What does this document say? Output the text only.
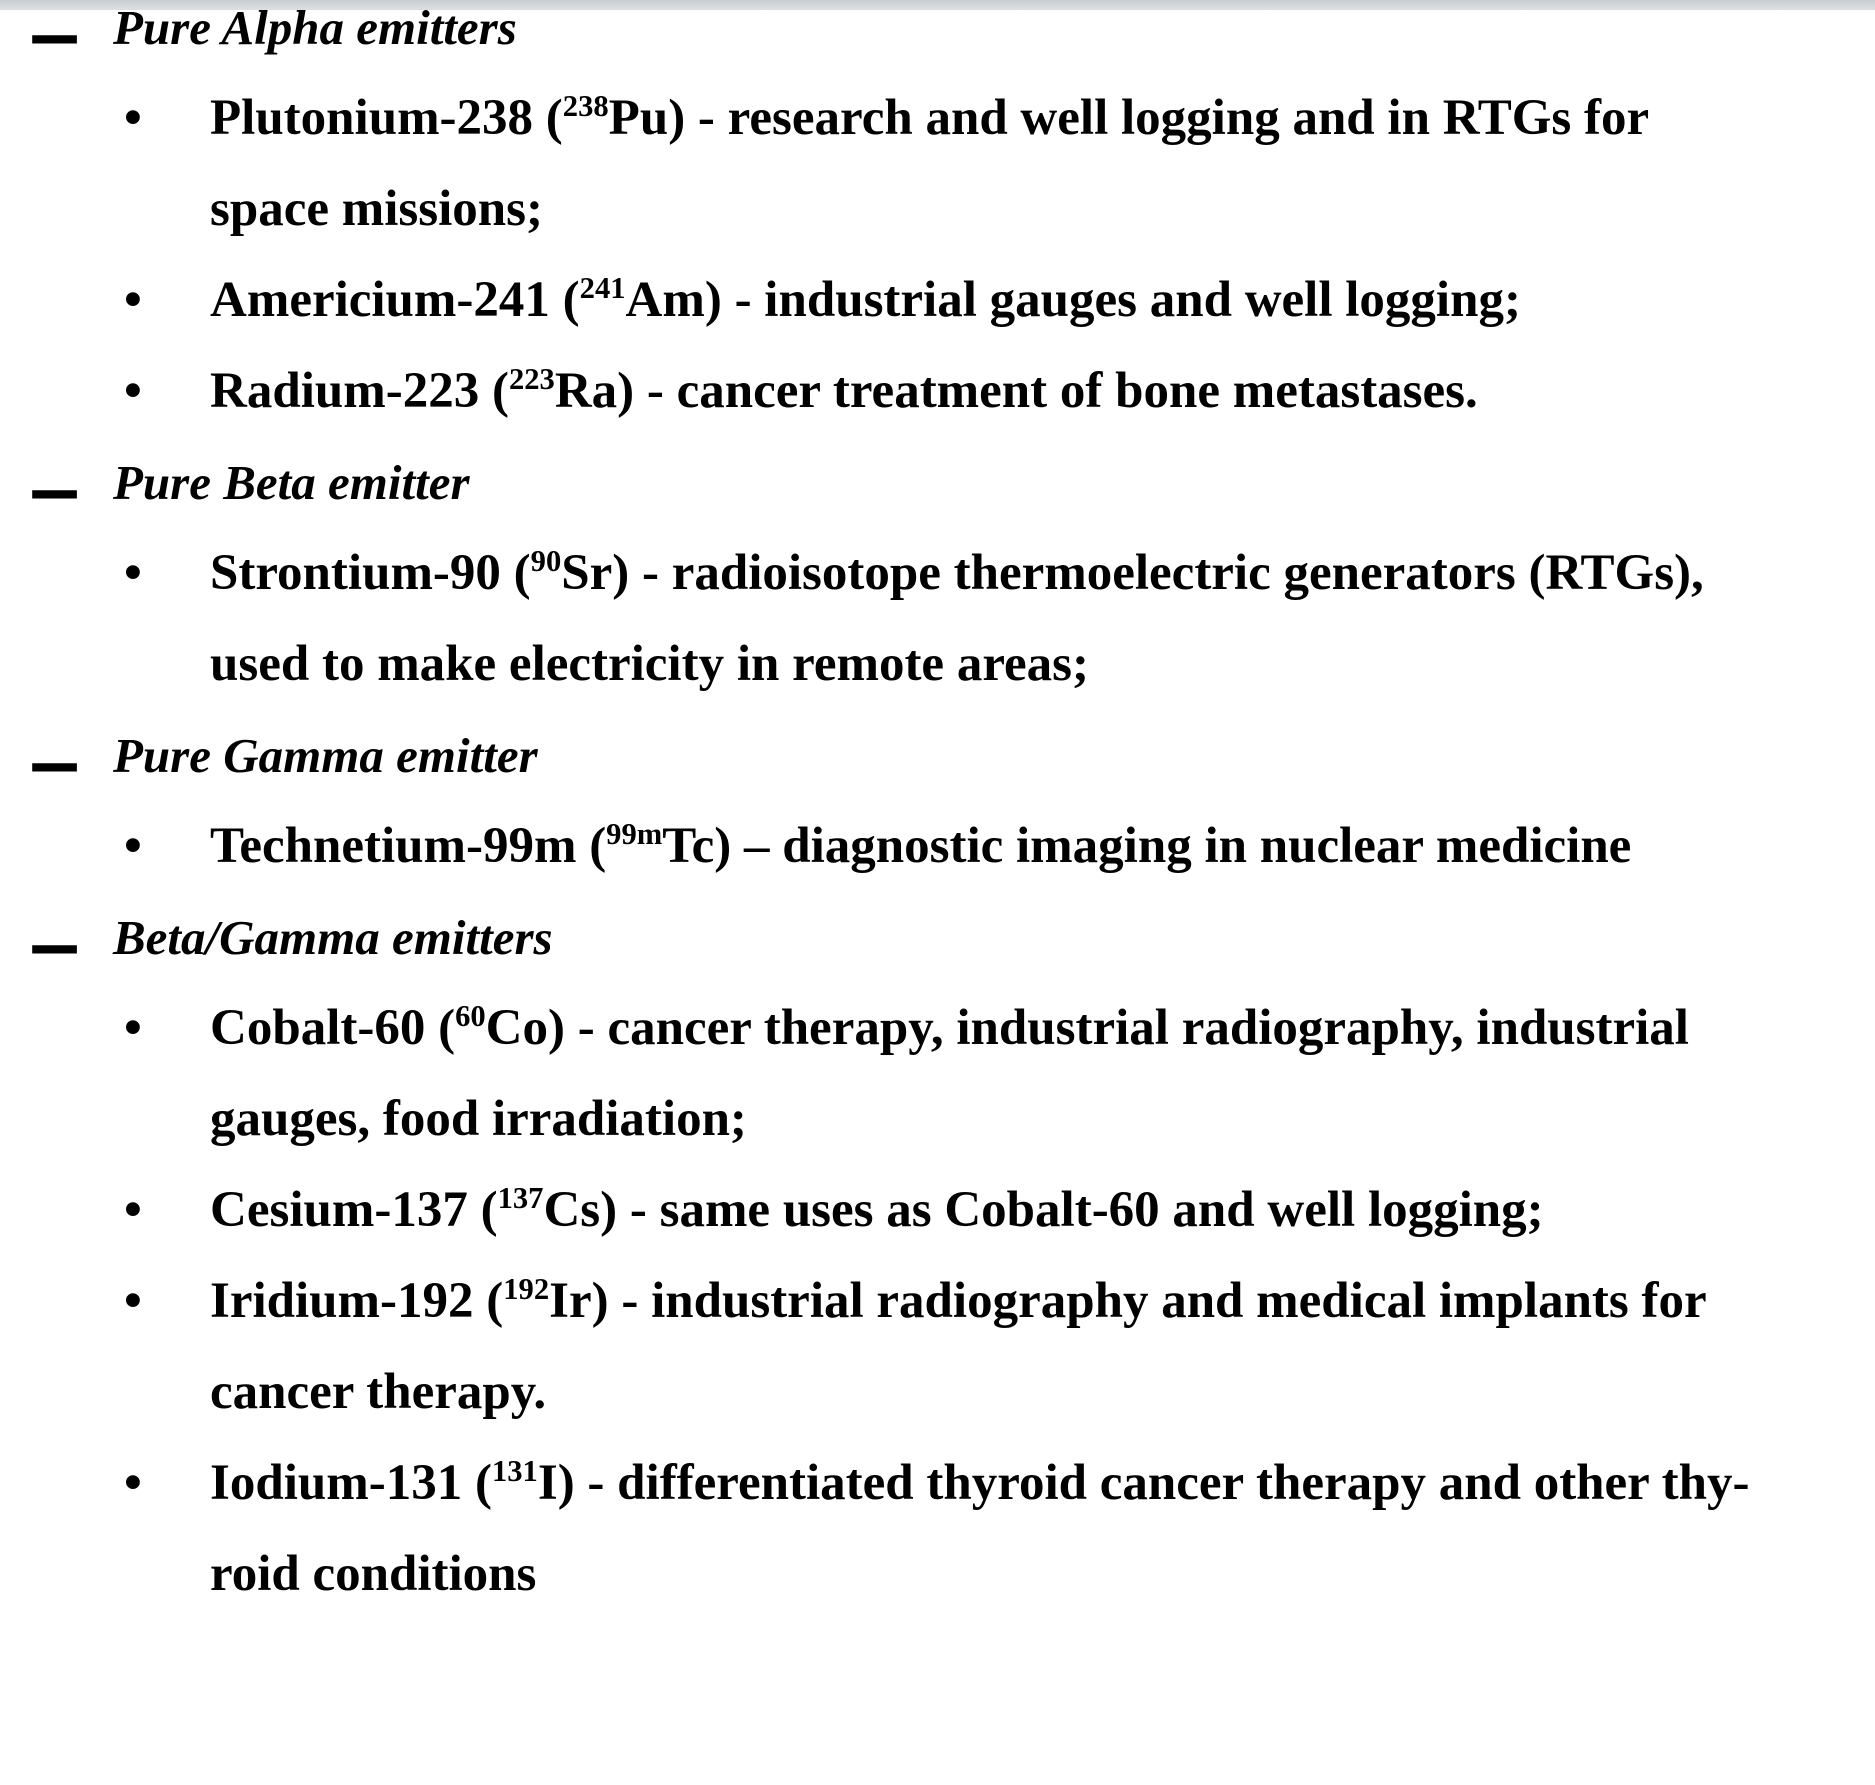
— Pure Alpha emitters
• Plutonium-238 ($^{238}$Pu) - research and well logging and in RTGs for
space missions;
• Americium-241 ($^{241}$Am) - industrial gauges and well logging;
• Radium-223 ($^{223}$Ra) - cancer treatment of bone metastases.
— Pure Beta emitter
• Strontium-90 ($^{90}$Sr) - radioisotope thermoelectric generators (RTGs),
used to make electricity in remote areas;
— Pure Gamma emitter
• Technetium-99m ($^{99m}$Tc) – diagnostic imaging in nuclear medicine
— Beta/Gamma emitters
• Cobalt-60 ($^{60}$Co) - cancer therapy, industrial radiography, industrial
gauges, food irradiation;
• Cesium-137 ($^{137}$Cs) - same uses as Cobalt-60 and well logging;
• Iridium-192 ($^{192}$Ir) - industrial radiography and medical implants for
cancer therapy.
• Iodium-131 ($^{131}$I) - differentiated thyroid cancer therapy and other thy-
roid conditions
